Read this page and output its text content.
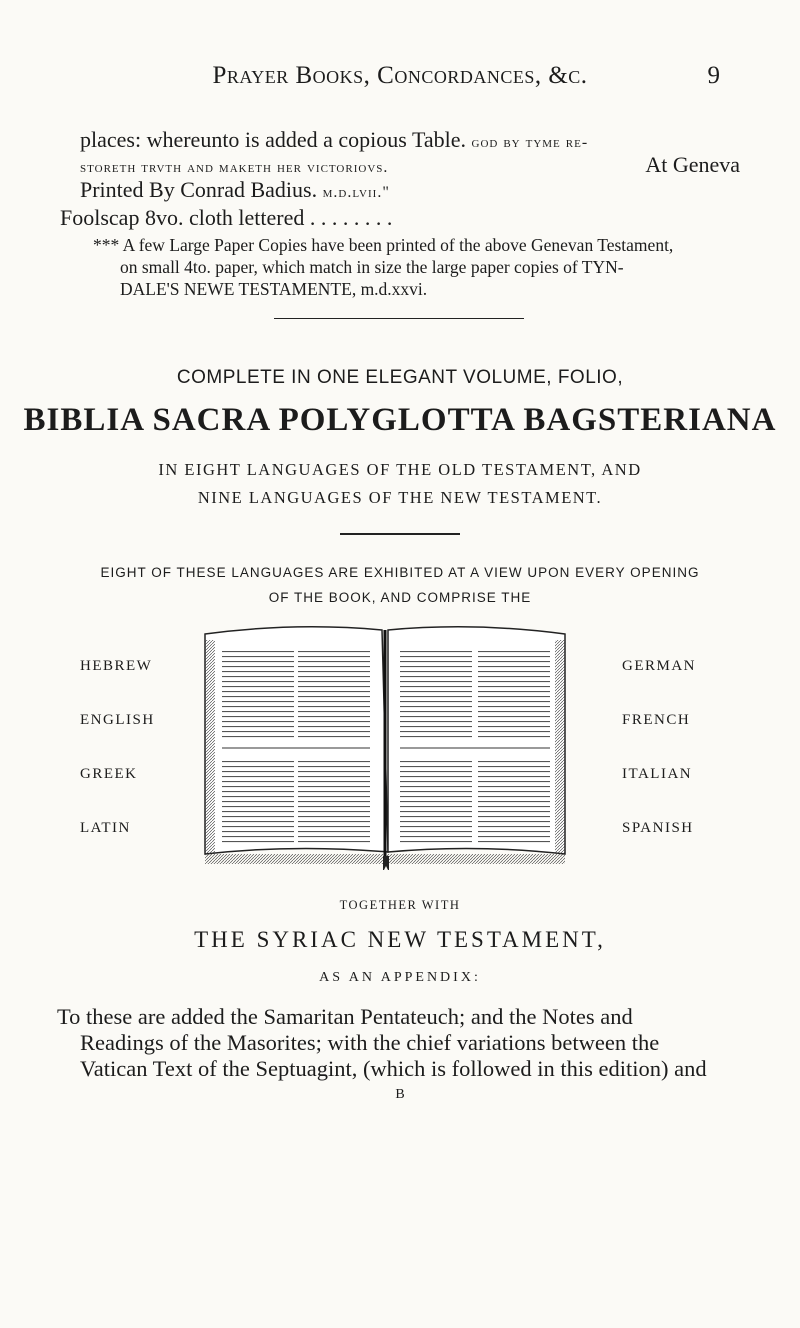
Prayer Books, Concordances, &c.	9
places: whereunto is added a copious Table. god by tyme re-
storeth trvth and maketh her victoriovs.	At Geneva
Printed By Conrad Badius. m.d.lvii."
Foolscap 8vo. cloth lettered . . . . . . . .
*** A few Large Paper Copies have been printed of the above Genevan Testament,
on small 4to. paper, which match in size the large paper copies of TYN-
DALE'S NEWE TESTAMENTE, m.d.xxvi.
COMPLETE IN ONE ELEGANT VOLUME, FOLIO,
BIBLIA SACRA POLYGLOTTA BAGSTERIANA
IN EIGHT LANGUAGES OF THE OLD TESTAMENT, AND
NINE LANGUAGES OF THE NEW TESTAMENT.
EIGHT OF THESE LANGUAGES ARE EXHIBITED AT A VIEW UPON EVERY OPENING
OF THE BOOK, AND COMPRISE THE
HEBREW
ENGLISH
GREEK
LATIN
GERMAN
FRENCH
ITALIAN
SPANISH
TOGETHER WITH
THE SYRIAC NEW TESTAMENT,
AS AN APPENDIX:
To these are added the Samaritan Pentateuch; and the Notes and
Readings of the Masorites; with the chief variations between the
Vatican Text of the Septuagint, (which is followed in this edition) and
B
